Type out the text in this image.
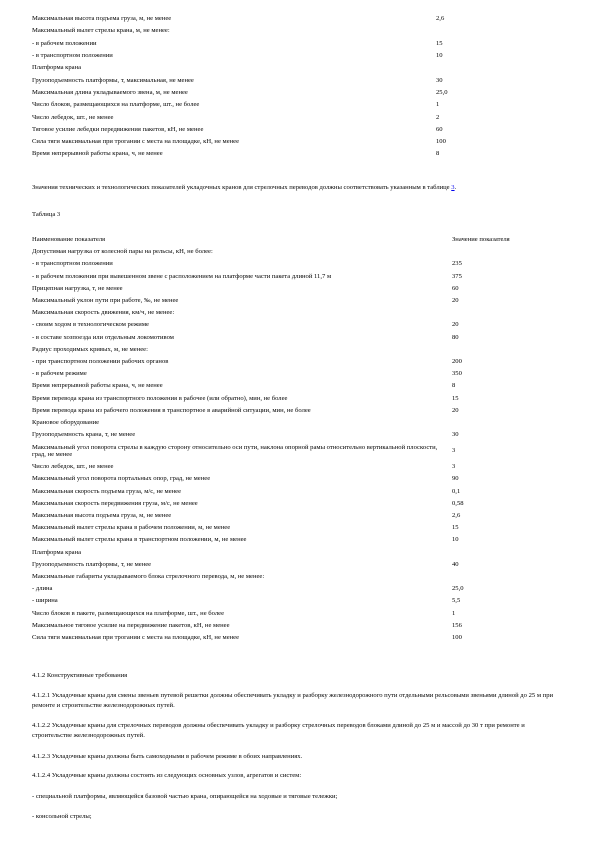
Максимальная высота подъема груза, м, не менее	2,6
Максимальный вылет стрелы крана, м, не менее:	
- в рабочем положении	15
- в транспортном положении	10
Платформа крана	
Грузоподъемность платформы, т, максимальная, не менее	30
Максимальная длина укладываемого звена, м, не менее	25,0
Число блоков, размещающихся на платформе, шт., не более	1
Число лебедок, шт., не менее	2
Тяговое усилие лебедки передвижения пакетов, кН, не менее	60
Сила тяги максимальная при трогании с места на площадке, кН, не менее	100
Время непрерывной работы крана, ч, не менее	8
Значения технических и технологических показателей укладочных кранов для стрелочных переводов должны соответствовать указанным в таблице 3.
Таблица 3
Наименование показателя	Значение показателя
Допустимая нагрузка от колесной пары на рельсы, кН, не более:	
- в транспортном положении	235
- в рабочем положении при вывешенном звене с расположением на платформе части пакета длиной 11,7 м	375
Прицепная нагрузка, т, не менее	60
Максимальный уклон пути при работе, ‰, не менее	20
Максимальная скорость движения, км/ч, не менее:	
- своим ходом в технологическом режиме	20
- в составе хозпоезда или отдельным локомотивом	80
Радиус проходимых кривых, м, не менее:	
- при транспортном положении рабочих органов	200
- в рабочем режиме	350
Время непрерывной работы крана, ч, не менее	8
Время перевода крана из транспортного положения в рабочее (или обратно), мин, не более	15
Время перевода крана из рабочего положения в транспортное в аварийной ситуации, мин, не более	20
Крановое оборудование	
Грузоподъемность крана, т, не менее	30
Максимальный угол поворота стрелы в каждую сторону относительно оси пути, наклона опорной рамы относительно вертикальной плоскости, град, не менее	3
Число лебедок, шт., не менее	3
Максимальный угол поворота портальных опор, град, не менее	90
Максимальная скорость подъема груза, м/с, не менее	0,1
Максимальная скорость передвижения груза, м/с, не менее	0,58
Максимальная высота подъема груза, м, не менее	2,6
Максимальный вылет стрелы крана в рабочем положении, м, не менее	15
Максимальный вылет стрелы крана в транспортном положении, м, не менее	10
Платформа крана	
Грузоподъемность платформы, т, не менее	40
Максимальные габариты укладываемого блока стрелочного перевода, м, не менее:	
- длина	25,0
- ширина	5,5
Число блоков в пакете, размещающихся на платформе, шт., не более	1
Максимальное тяговое усилие на передвижение пакетов, кН, не менее	156
Сила тяги максимальная при трогании с места на площадке, кН, не менее	100
4.1.2 Конструктивные требования
4.1.2.1 Укладочные краны для смены звеньев путевой решетки должны обеспечивать укладку и разборку железнодорожного пути отдельными рельсовыми звеньями длиной до 25 м при ремонте и строительстве железнодорожных путей.
4.1.2.2 Укладочные краны для стрелочных переводов должны обеспечивать укладку и разборку стрелочных переводов блоками длиной до 25 м и массой до 30 т при ремонте и строительстве железнодорожных путей.
4.1.2.3 Укладочные краны должны быть самоходными в рабочем режиме в обоих направлениях.
4.1.2.4 Укладочные краны должны состоять из следующих основных узлов, агрегатов и систем:
- специальной платформы, являющейся базовой частью крана, опирающейся на ходовые и тяговые тележки;
- консольной стрелы;
